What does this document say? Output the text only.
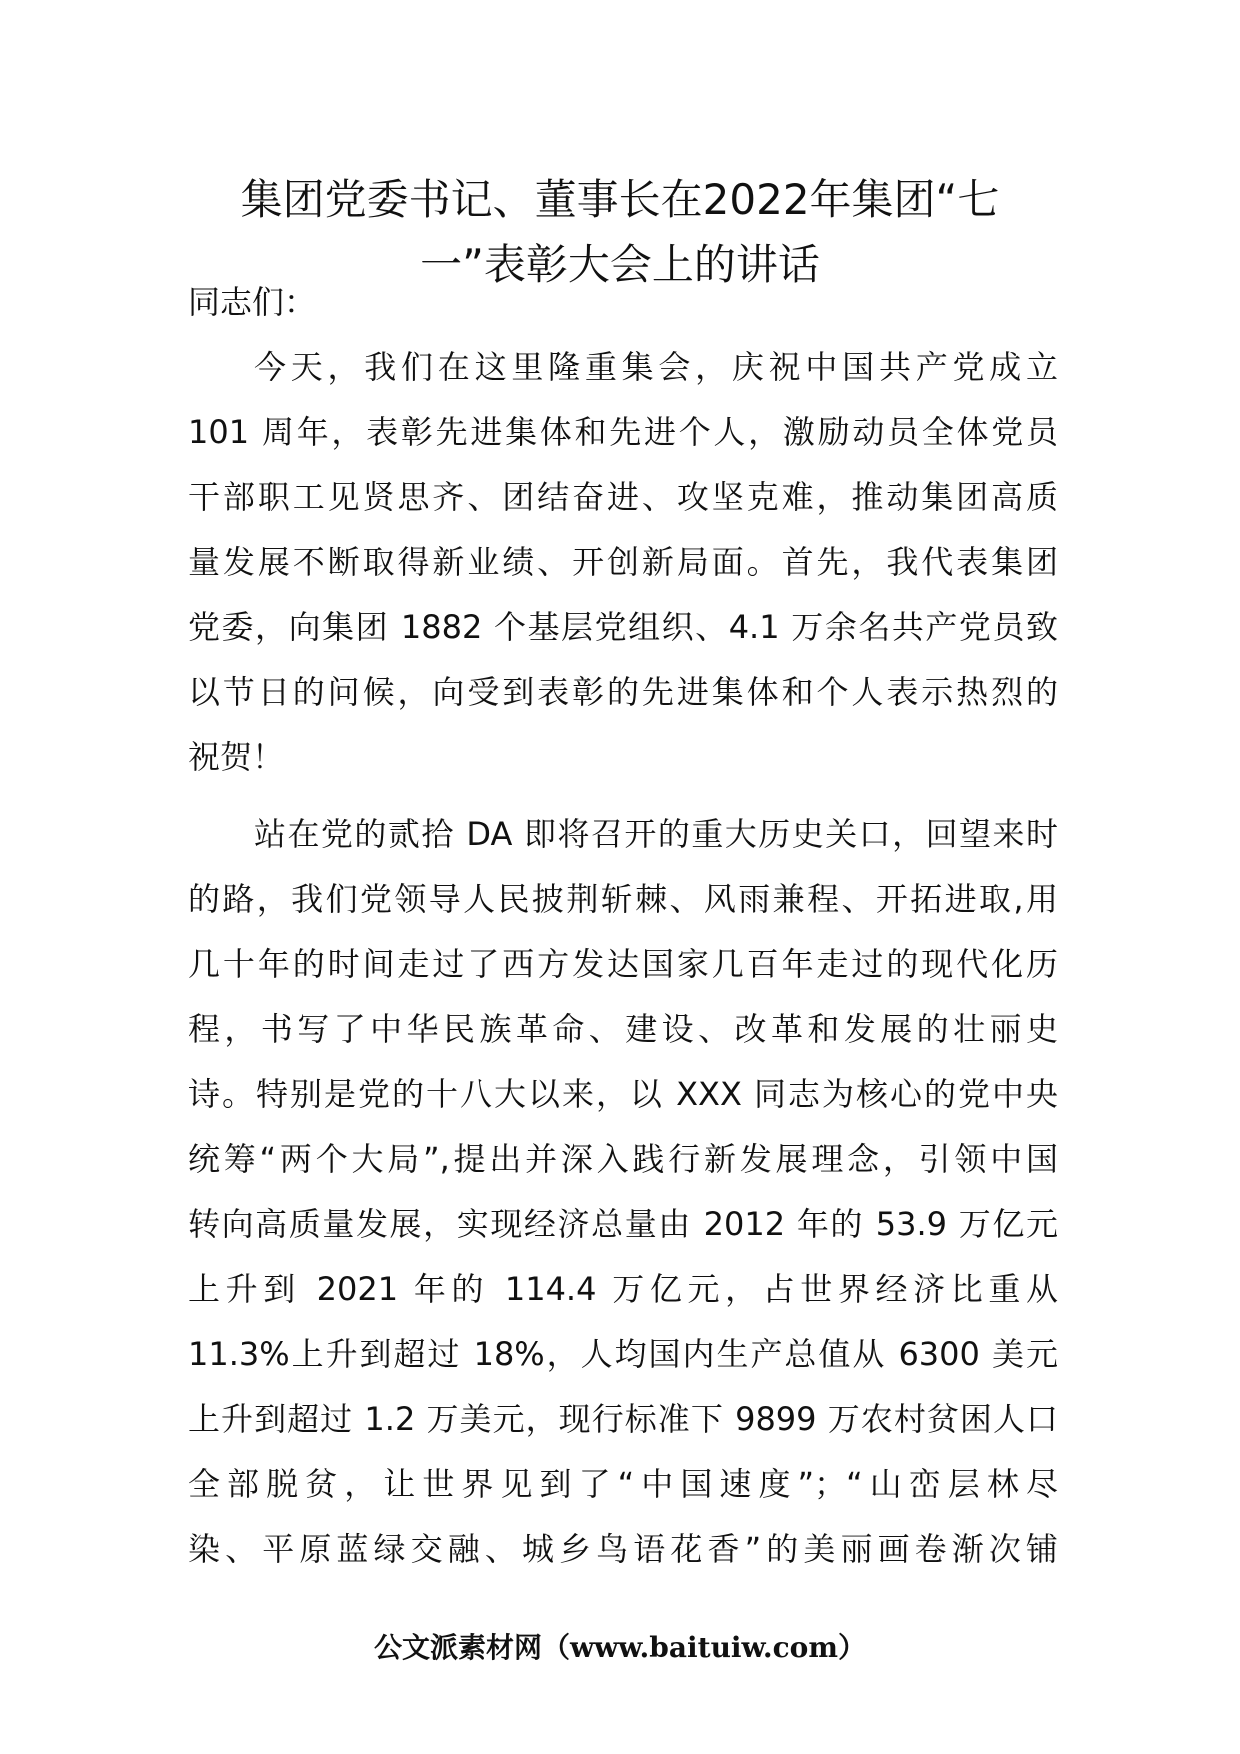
集团党委书记、董事长在2022年集团“七
一”表彰大会上的讲话
同志们：
今天，我们在这里隆重集会，庆祝中国共产党成立
101 周年，表彰先进集体和先进个人，激励动员全体党员
干部职工见贤思齐、团结奋进、攻坚克难，推动集团高质
量发展不断取得新业绩、开创新局面。首先，我代表集团
党委，向集团 1882 个基层党组织、4.1 万余名共产党员致
以节日的问候，向受到表彰的先进集体和个人表示热烈的
祝贺！
站在党的贰拾 DA 即将召开的重大历史关口，回望来时
的路，我们党领导人民披荆斩棘、风雨兼程、开拓进取,用
几十年的时间走过了西方发达国家几百年走过的现代化历
程，书写了中华民族革命、建设、改革和发展的壮丽史
诗。特别是党的十八大以来，以 XXX 同志为核心的党中央
统筹“两个大局”,提出并深入践行新发展理念，引领中国
转向高质量发展，实现经济总量由 2012 年的 53.9 万亿元
上升到 2021 年的 114.4 万亿元，占世界经济比重从
11.3%上升到超过 18%，人均国内生产总值从 6300 美元
上升到超过 1.2 万美元，现行标准下 9899 万农村贫困人口
全部脱贫，让世界见到了“中国速度”；“山峦层林尽
染、平原蓝绿交融、城乡鸟语花香”的美丽画卷渐次铺
公文派素材网（www.baituiw.com）
